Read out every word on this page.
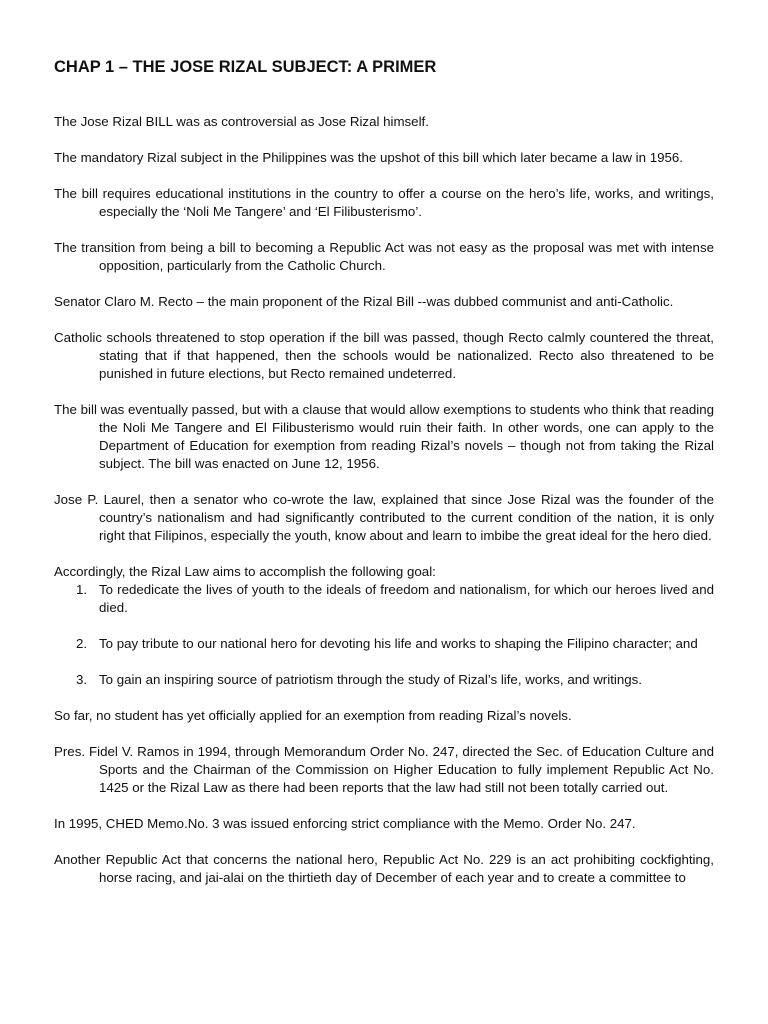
CHAP 1 – THE JOSE RIZAL SUBJECT: A PRIMER

The Jose Rizal BILL was as controversial as Jose Rizal himself.

The mandatory Rizal subject in the Philippines was the upshot of this bill which later became a law in 1956.

The bill requires educational institutions in the country to offer a course on the hero’s life, works, and writings, especially the ‘Noli Me Tangere’ and ‘El Filibusterismo’.

The transition from being a bill to becoming a Republic Act was not easy as the proposal was met with intense opposition, particularly from the Catholic Church.

Senator Claro M. Recto – the main proponent of the Rizal Bill --was dubbed communist and anti-Catholic.

Catholic schools threatened to stop operation if the bill was passed, though Recto calmly countered the threat, stating that if that happened, then the schools would be nationalized. Recto also threatened to be punished in future elections, but Recto remained undeterred.

The bill was eventually passed, but with a clause that would allow exemptions to students who think that reading the Noli Me Tangere and El Filibusterismo would ruin their faith. In other words, one can apply to the Department of Education for exemption from reading Rizal’s novels – though not from taking the Rizal subject. The bill was enacted on June 12, 1956.

Jose P. Laurel, then a senator who co-wrote the law, explained that since Jose Rizal was the founder of the country’s nationalism and had significantly contributed to the current condition of the nation, it is only right that Filipinos, especially the youth, know about and learn to imbibe the great ideal for the hero died.

Accordingly, the Rizal Law aims to accomplish the following goal:

1. To rededicate the lives of youth to the ideals of freedom and nationalism, for which our heroes lived and died.
2. To pay tribute to our national hero for devoting his life and works to shaping the Filipino character; and
3. To gain an inspiring source of patriotism through the study of Rizal’s life, works, and writings.

So far, no student has yet officially applied for an exemption from reading Rizal’s novels.

Pres. Fidel V. Ramos in 1994, through Memorandum Order No. 247, directed the Sec. of Education Culture and Sports and the Chairman of the Commission on Higher Education to fully implement Republic Act No. 1425 or the Rizal Law as there had been reports that the law had still not been totally carried out.

In 1995, CHED Memo.No. 3 was issued enforcing strict compliance with the Memo. Order No. 247.

Another Republic Act that concerns the national hero, Republic Act No. 229 is an act prohibiting cockfighting, horse racing, and jai-alai on the thirtieth day of December of each year and to create a committee to
